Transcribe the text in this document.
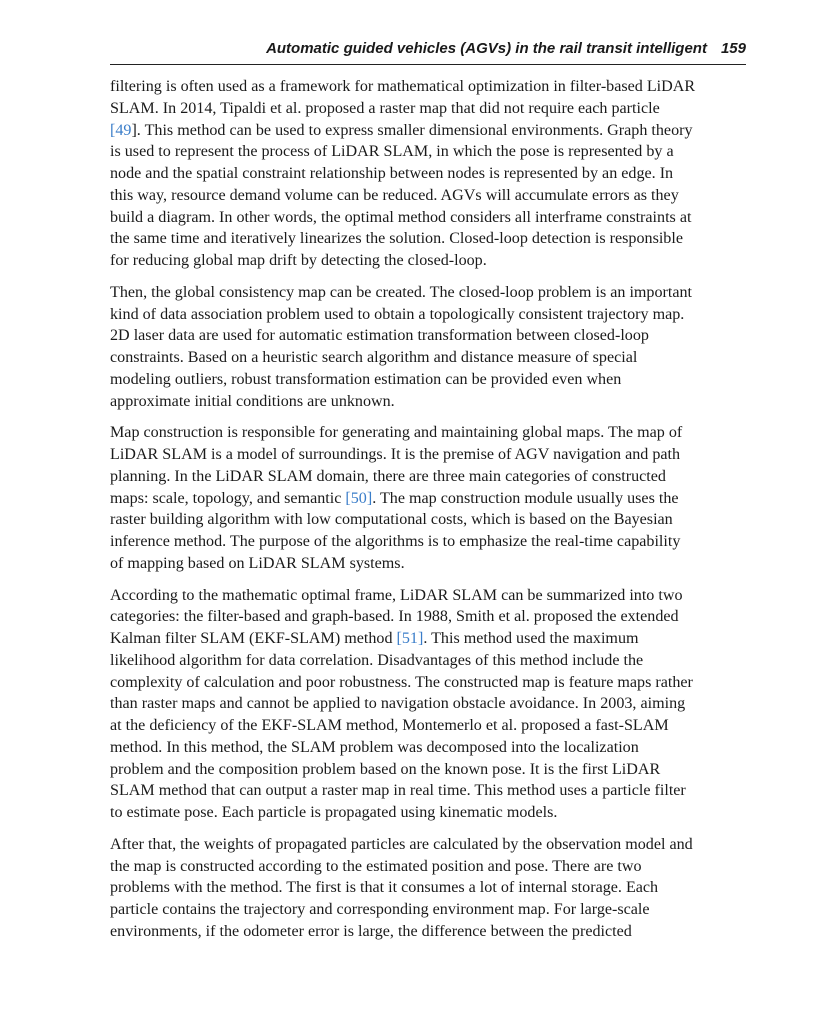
Automatic guided vehicles (AGVs) in the rail transit intelligent 159

filtering is often used as a framework for mathematical optimization in filter-based LiDAR
SLAM. In 2014, Tipaldi et al. proposed a raster map that did not require each particle
[49]. This method can be used to express smaller dimensional environments. Graph theory
is used to represent the process of LiDAR SLAM, in which the pose is represented by a
node and the spatial constraint relationship between nodes is represented by an edge. In
this way, resource demand volume can be reduced. AGVs will accumulate errors as they
build a diagram. In other words, the optimal method considers all interframe constraints at
the same time and iteratively linearizes the solution. Closed-loop detection is responsible
for reducing global map drift by detecting the closed-loop.

Then, the global consistency map can be created. The closed-loop problem is an important
kind of data association problem used to obtain a topologically consistent trajectory map.
2D laser data are used for automatic estimation transformation between closed-loop
constraints. Based on a heuristic search algorithm and distance measure of special
modeling outliers, robust transformation estimation can be provided even when
approximate initial conditions are unknown.

Map construction is responsible for generating and maintaining global maps. The map of
LiDAR SLAM is a model of surroundings. It is the premise of AGV navigation and path
planning. In the LiDAR SLAM domain, there are three main categories of constructed
maps: scale, topology, and semantic [50]. The map construction module usually uses the
raster building algorithm with low computational costs, which is based on the Bayesian
inference method. The purpose of the algorithms is to emphasize the real-time capability
of mapping based on LiDAR SLAM systems.

According to the mathematic optimal frame, LiDAR SLAM can be summarized into two
categories: the filter-based and graph-based. In 1988, Smith et al. proposed the extended
Kalman filter SLAM (EKF-SLAM) method [51]. This method used the maximum
likelihood algorithm for data correlation. Disadvantages of this method include the
complexity of calculation and poor robustness. The constructed map is feature maps rather
than raster maps and cannot be applied to navigation obstacle avoidance. In 2003, aiming
at the deficiency of the EKF-SLAM method, Montemerlo et al. proposed a fast-SLAM
method. In this method, the SLAM problem was decomposed into the localization
problem and the composition problem based on the known pose. It is the first LiDAR
SLAM method that can output a raster map in real time. This method uses a particle filter
to estimate pose. Each particle is propagated using kinematic models.

After that, the weights of propagated particles are calculated by the observation model and
the map is constructed according to the estimated position and pose. There are two
problems with the method. The first is that it consumes a lot of internal storage. Each
particle contains the trajectory and corresponding environment map. For large-scale
environments, if the odometer error is large, the difference between the predicted
